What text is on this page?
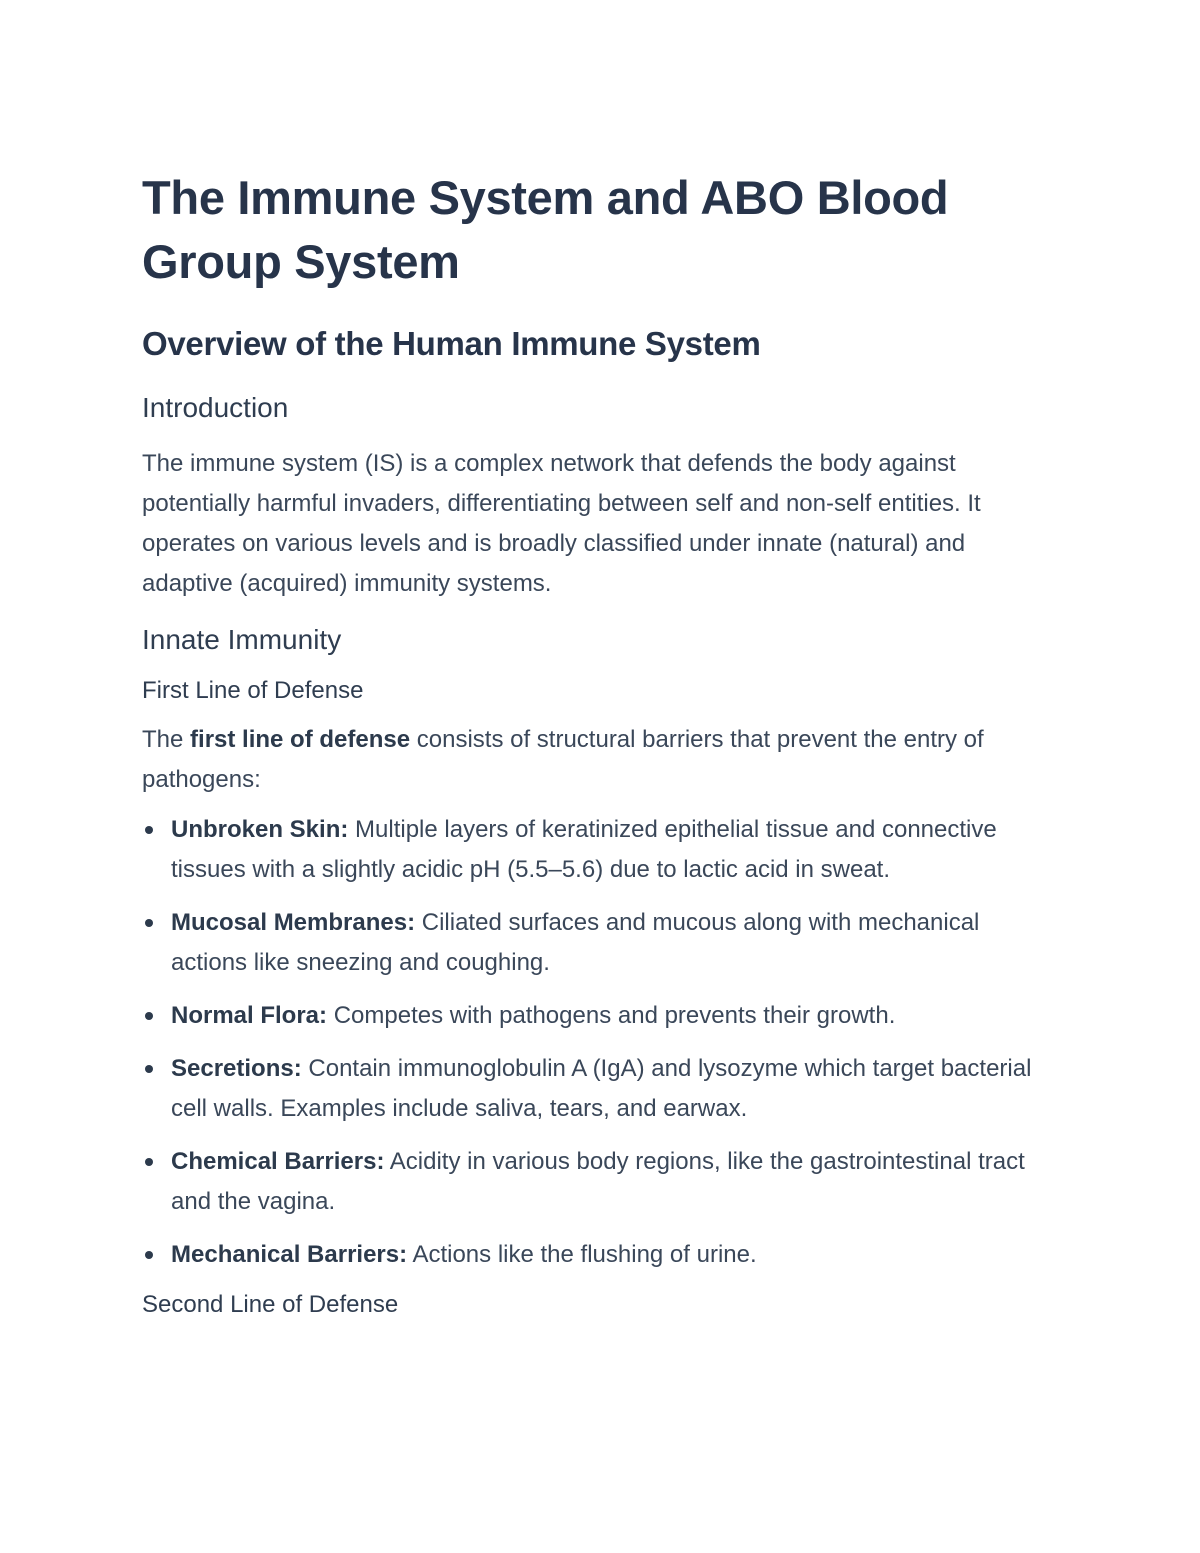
The Immune System and ABO Blood Group System
Overview of the Human Immune System
Introduction

The immune system (IS) is a complex network that defends the body against potentially harmful invaders, differentiating between self and non-self entities. It operates on various levels and is broadly classified under innate (natural) and adaptive (acquired) immunity systems.

Innate Immunity
First Line of Defense

The first line of defense consists of structural barriers that prevent the entry of pathogens:

Unbroken Skin: Multiple layers of keratinized epithelial tissue and connective tissues with a slightly acidic pH (5.5–5.6) due to lactic acid in sweat.
Mucosal Membranes: Ciliated surfaces and mucous along with mechanical actions like sneezing and coughing.
Normal Flora: Competes with pathogens and prevents their growth.
Secretions: Contain immunoglobulin A (IgA) and lysozyme which target bacterial cell walls. Examples include saliva, tears, and earwax.
Chemical Barriers: Acidity in various body regions, like the gastrointestinal tract and the vagina.
Mechanical Barriers: Actions like the flushing of urine.
Second Line of Defense
